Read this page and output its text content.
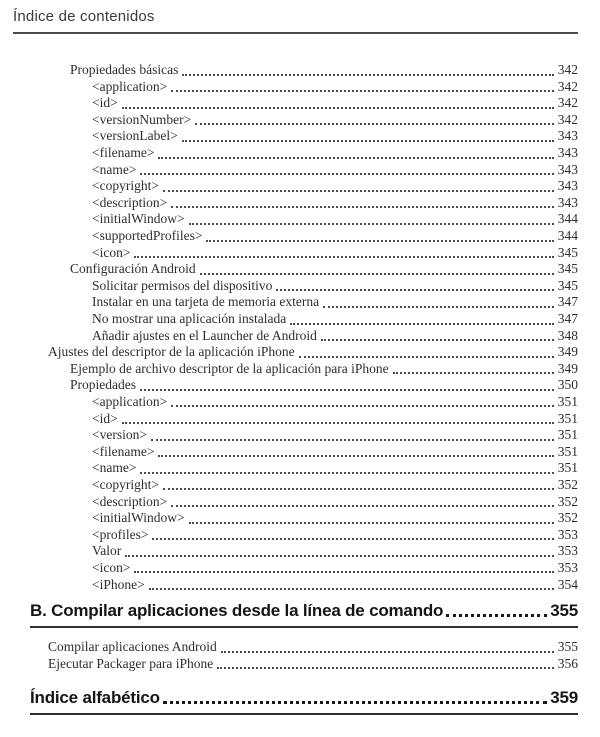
Índice de contenidos
Propiedades básicas	342
<application>	342
<id>	342
<versionNumber>	342
<versionLabel>	343
<filename>	343
<name>	343
<copyright>	343
<description>	343
<initialWindow>	344
<supportedProfiles>	344
<icon>	345
Configuración Android	345
Solicitar permisos del dispositivo	345
Instalar en una tarjeta de memoria externa	347
No mostrar una aplicación instalada	347
Añadir ajustes en el Launcher de Android	348
Ajustes del descriptor de la aplicación iPhone	349
Ejemplo de archivo descriptor de la aplicación para iPhone	349
Propiedades	350
<application>	351
<id>	351
<version>	351
<filename>	351
<name>	351
<copyright>	352
<description>	352
<initialWindow>	352
<profiles>	353
Valor	353
<icon>	353
<iPhone>	354
B. Compilar aplicaciones desde la línea de comando	355
Compilar aplicaciones Android	355
Ejecutar Packager para iPhone	356
Índice alfabético	359
